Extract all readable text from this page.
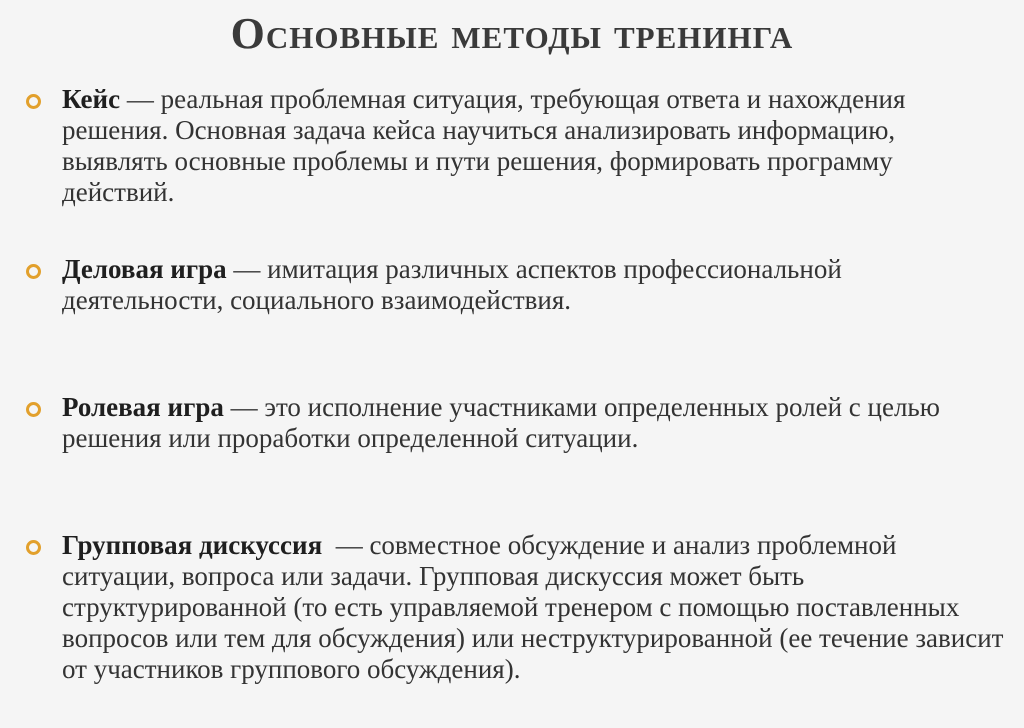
Основные методы тренинга
Кейс — реальная проблемная ситуация, требующая ответа и нахождения решения. Основная задача кейса научиться анализировать информацию, выявлять основные проблемы и пути решения, формировать программу действий.
Деловая игра — имитация различных аспектов профессиональной деятельности, социального взаимодействия.
Ролевая игра — это исполнение участниками определенных ролей с целью решения или проработки определенной ситуации.
Групповая дискуссия  — совместное обсуждение и анализ проблемной ситуации, вопроса или задачи. Групповая дискуссия может быть структурированной (то есть управляемой тренером с помощью поставленных вопросов или тем для обсуждения) или неструктурированной (ее течение зависит от участников группового обсуждения).
